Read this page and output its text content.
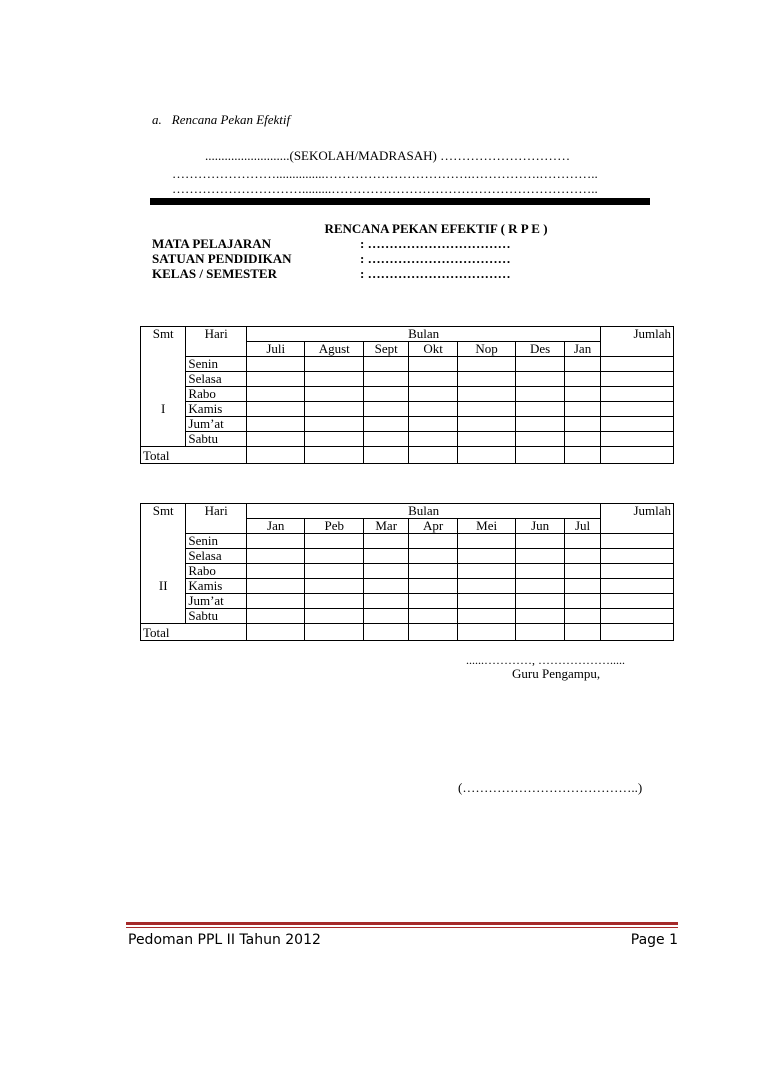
a. Rencana Pekan Efektif
..........................(SEKOLAH/MADRASAH) …………………………
……………………...............…………………………….…………….…………..
………………………….........……………………………………………………..
RENCANA PEKAN EFEKTIF ( R P E )
MATA PELAJARAN	: ……………………………
SATUAN PENDIDIKAN	: ……………………………
KELAS / SEMESTER	: ……………………………
Smt	Hari	Bulan							Jumlah
		Juli	Agust	Sept	Okt	Nop	Des	Jan	
	Senin								
	Selasa								
	Rabo								
I	Kamis								
	Jum’at								
	Sabtu								
Total									
Smt	Hari	Bulan							Jumlah
		Jan	Peb	Mar	Apr	Mei	Jun	Jul	
	Senin								
	Selasa								
	Rabo								
II	Kamis								
	Jum’at								
	Sabtu								
Total									
......…………, ……………….....
Guru Pengampu,
(…………………………………..)
Pedoman PPL II Tahun 2012	Page 1
